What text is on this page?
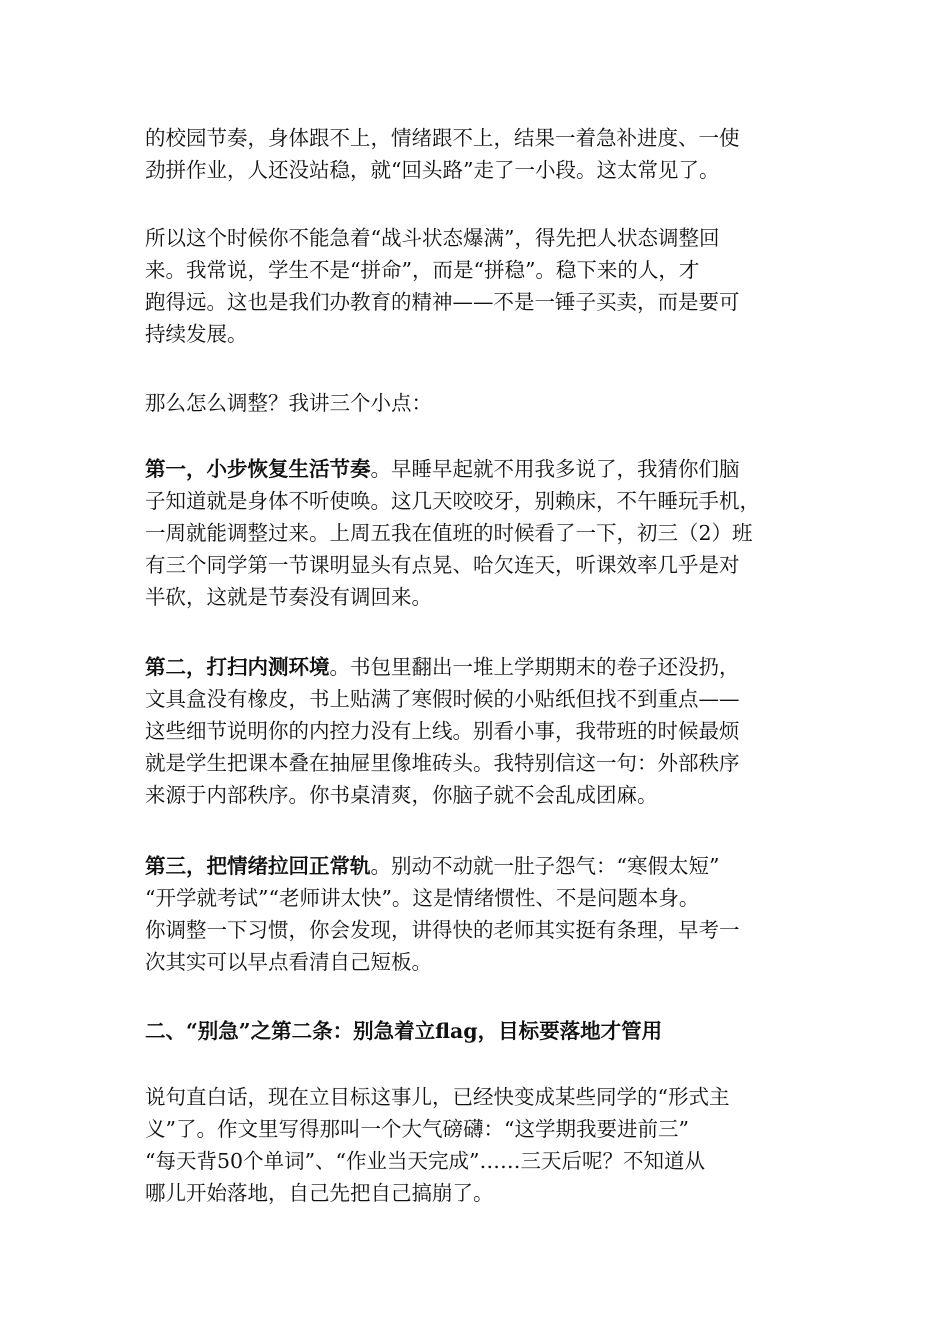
的校园节奏，身体跟不上，情绪跟不上，结果一着急补进度、一使
劲拼作业，人还没站稳，就“回头路”走了一小段。这太常见了。
所以这个时候你不能急着“战斗状态爆满”，得先把人状态调整回
来。我常说，学生不是“拼命”，而是“拼稳”。稳下来的人，才
跑得远。这也是我们办教育的精神——不是一锤子买卖，而是要可
持续发展。
那么怎么调整？我讲三个小点：
第一，小步恢复生活节奏。早睡早起就不用我多说了，我猜你们脑
子知道就是身体不听使唤。这几天咬咬牙，别赖床，不午睡玩手机，
一周就能调整过来。上周五我在值班的时候看了一下，初三（2）班
有三个同学第一节课明显头有点晃、哈欠连天，听课效率几乎是对
半砍，这就是节奏没有调回来。
第二，打扫内测环境。书包里翻出一堆上学期期末的卷子还没扔，
文具盒没有橡皮，书上贴满了寒假时候的小贴纸但找不到重点——
这些细节说明你的内控力没有上线。别看小事，我带班的时候最烦
就是学生把课本叠在抽屉里像堆砖头。我特别信这一句：外部秩序
来源于内部秩序。你书桌清爽，你脑子就不会乱成团麻。
第三，把情绪拉回正常轨。别动不动就一肚子怨气：“寒假太短”
“开学就考试”“老师讲太快”。这是情绪惯性、不是问题本身。
你调整一下习惯，你会发现，讲得快的老师其实挺有条理，早考一
次其实可以早点看清自己短板。
二、“别急”之第二条：别急着立flag，目标要落地才管用
说句直白话，现在立目标这事儿，已经快变成某些同学的“形式主
义”了。作文里写得那叫一个大气磅礴：“这学期我要进前三”
“每天背50个单词”、“作业当天完成”……三天后呢？不知道从
哪儿开始落地，自己先把自己搞崩了。
